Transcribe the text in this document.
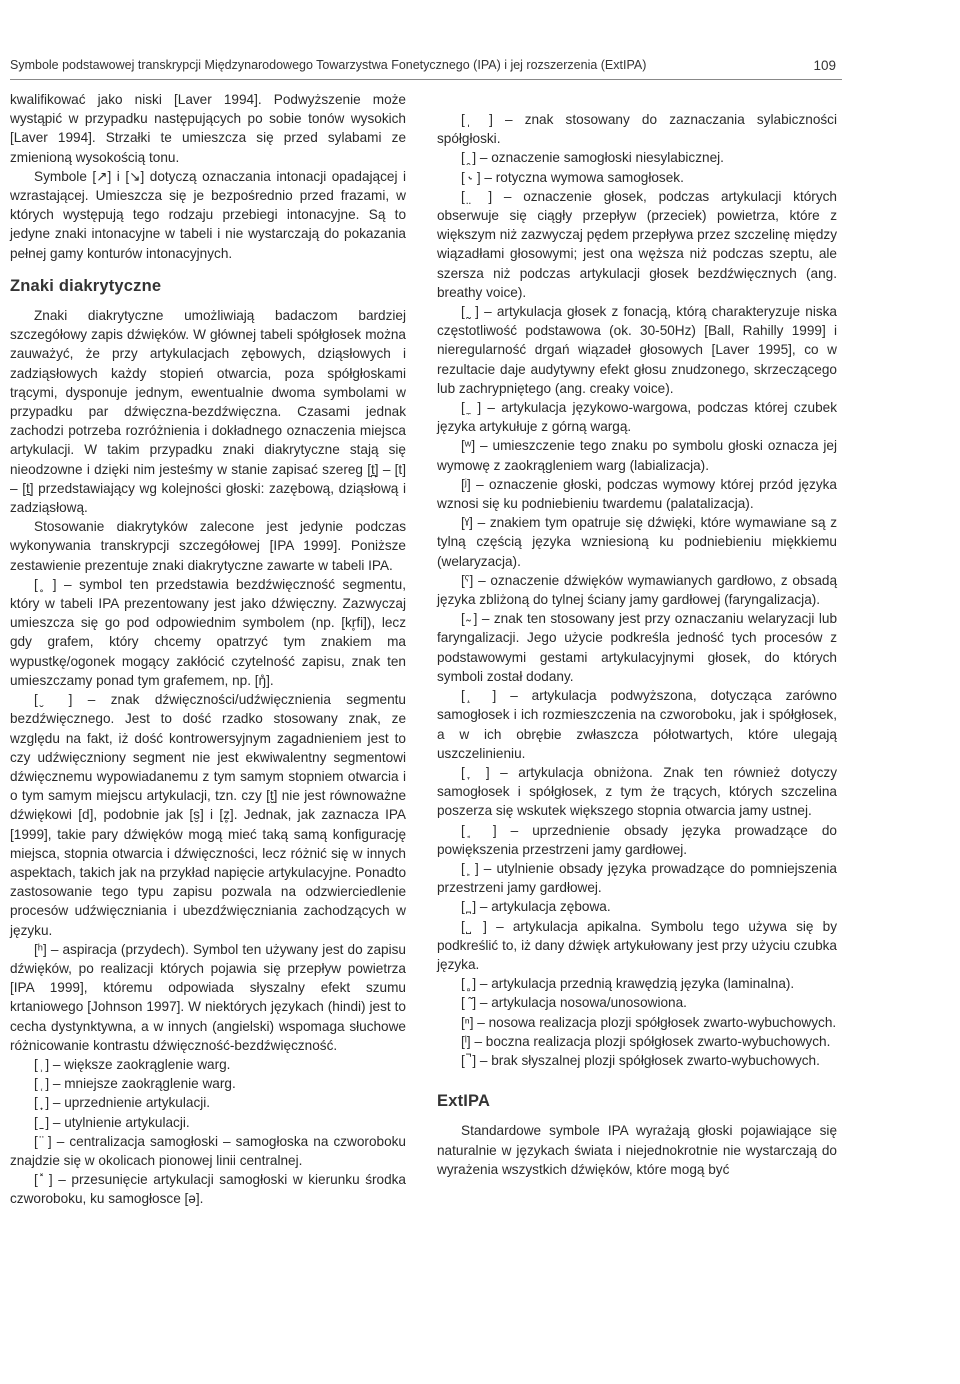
Symbole podstawowej transkrypcji Międzynarodowego Towarzystwa Fonetycznego (IPA) i jej rozszerzenia (ExtIPA)	109

kwalifikować jako niski [Laver 1994]. Podwyższenie może wystąpić w przypadku następujących po sobie tonów wysokich [Laver 1994]. Strzałki te umieszcza się przed sylabami ze zmienioną wysokością tonu.

Symbole [↗] i [↘] dotyczą oznaczania intonacji opadającej i wzrastającej. Umieszcza się je bezpośrednio przed frazami, w których występują tego rodzaju przebiegi intonacyjne. Są to jedyne znaki intonacyjne w tabeli i nie wystarczają do pokazania pełnej gamy konturów intonacyjnych.

Znaki diakrytyczne

Znaki diakrytyczne umożliwiają badaczom bardziej szczegółowy zapis dźwięków. W głównej tabeli spółgłosek można zauważyć, że przy artykulacjach zębowych, dziąsłowych i zadziąsłowych każdy stopień otwarcia, poza spółgłoskami trącymi, dysponuje jednym, ewentualnie dwoma symbolami w przypadku par dźwięczna-bezdźwięczna. Czasami jednak zachodzi potrzeba rozróżnienia i dokładnego oznaczenia miejsca artykulacji. W takim przypadku znaki diakrytyczne stają się nieodzowne i dzięki nim jesteśmy w stanie zapisać szereg [t̪] – [t] – [t̠] przedstawiający wg kolejności głoski: zazębową, dziąsłową i zadziąsłową.

Stosowanie diakrytyków zalecone jest jedynie podczas wykonywania transkrypcji szczegółowej [IPA 1999]. Poniższe zestawienie prezentuje znaki diakrytyczne zawarte w tabeli IPA.

[ ̥ ] – symbol ten przedstawia bezdźwięczność segmentu, który w tabeli IPA prezentowany jest jako dźwięczny. Zazwyczaj umieszcza się go pod odpowiednim symbolem (np. [kr̥fi]), lecz gdy grafem, który chcemy opatrzyć tym znakiem ma wypustkę/ogonek mogący zakłócić czytelność zapisu, znak ten umieszczamy ponad tym grafemem, np. [ŋ̊].

[ ̬ ] – znak dźwięczności/udźwięcznienia segmentu bezdźwięcznego. Jest to dość rzadko stosowany znak, ze względu na fakt, iż dość kontrowersyjnym zagadnieniem jest to czy udźwięczniony segment nie jest ekwiwalentny segmentowi dźwięcznemu wypowiadanemu z tym samym stopniem otwarcia i o tym samym miejscu artykulacji, tzn. czy [t̬] nie jest równoważne dźwiękowi [d], podobnie jak [s̬] i [z̥]. Jednak, jak zaznacza IPA [1999], takie pary dźwięków mogą mieć taką samą konfigurację miejsca, stopnia otwarcia i dźwięczności, lecz różnić się w innych aspektach, takich jak na przykład napięcie artykulacyjne. Ponadto zastosowanie tego typu zapisu pozwala na odzwierciedlenie procesów udźwięczniania i ubezdźwięczniania zachodzących w języku.

[ʰ] – aspiracja (przydech). Symbol ten używany jest do zapisu dźwięków, po realizacji których pojawia się przepływ powietrza [IPA 1999], któremu odpowiada słyszalny efekt szumu krtaniowego [Johnson 1997]. W niektórych językach (hindi) jest to cecha dystynktywna, a w innych (angielski) wspomaga słuchowe różnicowanie kontrastu dźwięczność-bezdźwięczność.

[ ̹ ] – większe zaokrąglenie warg.

[ ̜ ] – mniejsze zaokrąglenie warg.

[ ̟ ] – uprzednienie artykulacji.

[ ̠ ] – utylnienie artykulacji.

[ ̈ ] – centralizacja samogłoski – samogłoska na czworoboku znajdzie się w okolicach pionowej linii centralnej.

[ ̽ ] – przesunięcie artykulacji samogłoski w kierunku środka czworoboku, ku samogłosce [ə].

[ ̩ ] – znak stosowany do zaznaczania sylabiczności spółgłoski.

[ ̯ ] – oznaczenie samogłoski niesylabicznej.

[ ˞ ] – rotyczna wymowa samogłosek.

[ ̤ ] – oznaczenie głosek, podczas artykulacji których obserwuje się ciągły przepływ (przeciek) powietrza, które z większym niż zazwyczaj pędem przepływa przez szczelinę między wiązadłami głosowymi; jest ona węższa niż podczas szeptu, ale szersza niż podczas artykulacji głosek bezdźwięcznych (ang. breathy voice).

[ ̰ ] – artykulacja głosek z fonacją, którą charakteryzuje niska częstotliwość podstawowa (ok. 30-50Hz) [Ball, Rahilly 1999] i nieregularność drgań wiązadeł głosowych [Laver 1995], co w rezultacie daje audytywny efekt głosu znudzonego, skrzeczącego lub zachrypniętego (ang. creaky voice).

[ ̼ ] – artykulacja językowo-wargowa, podczas której czubek języka artykułuje z górną wargą.

[ʷ] – umieszczenie tego znaku po symbolu głoski oznacza jej wymowę z zaokrągleniem warg (labializacja).

[ʲ] – oznaczenie głoski, podczas wymowy której przód języka wznosi się ku podniebieniu twardemu (palatalizacja).

[ˠ] – znakiem tym opatruje się dźwięki, które wymawiane są z tylną częścią języka wzniesioną ku podniebieniu miękkiemu (welaryzacja).

[ˤ] – oznaczenie dźwięków wymawianych gardłowo, z obsadą języka zbliżoną do tylnej ściany jamy gardłowej (faryngalizacja).

[ ̴ ] – znak ten stosowany jest przy oznaczaniu welaryzacji lub faryngalizacji. Jego użycie podkreśla jedność tych procesów z podstawowymi gestami artykulacyjnymi głosek, do których symboli został dodany.

[ ̝ ] – artykulacja podwyższona, dotycząca zarówno samogłosek i ich rozmieszczenia na czworoboku, jak i spółgłosek, a w ich obrębie zwłaszcza półotwartych, które ulegają uszczelinieniu.

[ ̞ ] – artykulacja obniżona. Znak ten również dotyczy samogłosek i spółgłosek, z tym że trących, których szczelina poszerza się wskutek większego stopnia otwarcia jamy ustnej.

[ ̘ ] – uprzednienie obsady języka prowadzące do powiększenia przestrzeni jamy gardłowej.

[ ̙ ] – utylnienie obsady języka prowadzące do pomniejszenia przestrzeni jamy gardłowej.

[ ̪ ] – artykulacja zębowa.

[ ̺ ] – artykulacja apikalna. Symbolu tego używa się by podkreślić to, iż dany dźwięk artykułowany jest przy użyciu czubka języka.

[ ̻ ] – artykulacja przednią krawędzią języka (laminalna).

[ ̃ ] – artykulacja nosowa/unosowiona.

[ⁿ] – nosowa realizacja plozji spółgłosek zwarto-wybuchowych.

[ˡ] – boczna realizacja plozji spółgłosek zwarto-wybuchowych.

[ ̚ ] – brak słyszalnej plozji spółgłosek zwarto-wybuchowych.

ExtIPA

Standardowe symbole IPA wyrażają głoski pojawiające się naturalnie w językach świata i niejednokrotnie nie wystarczają do wyrażenia wszystkich dźwięków, które mogą być
